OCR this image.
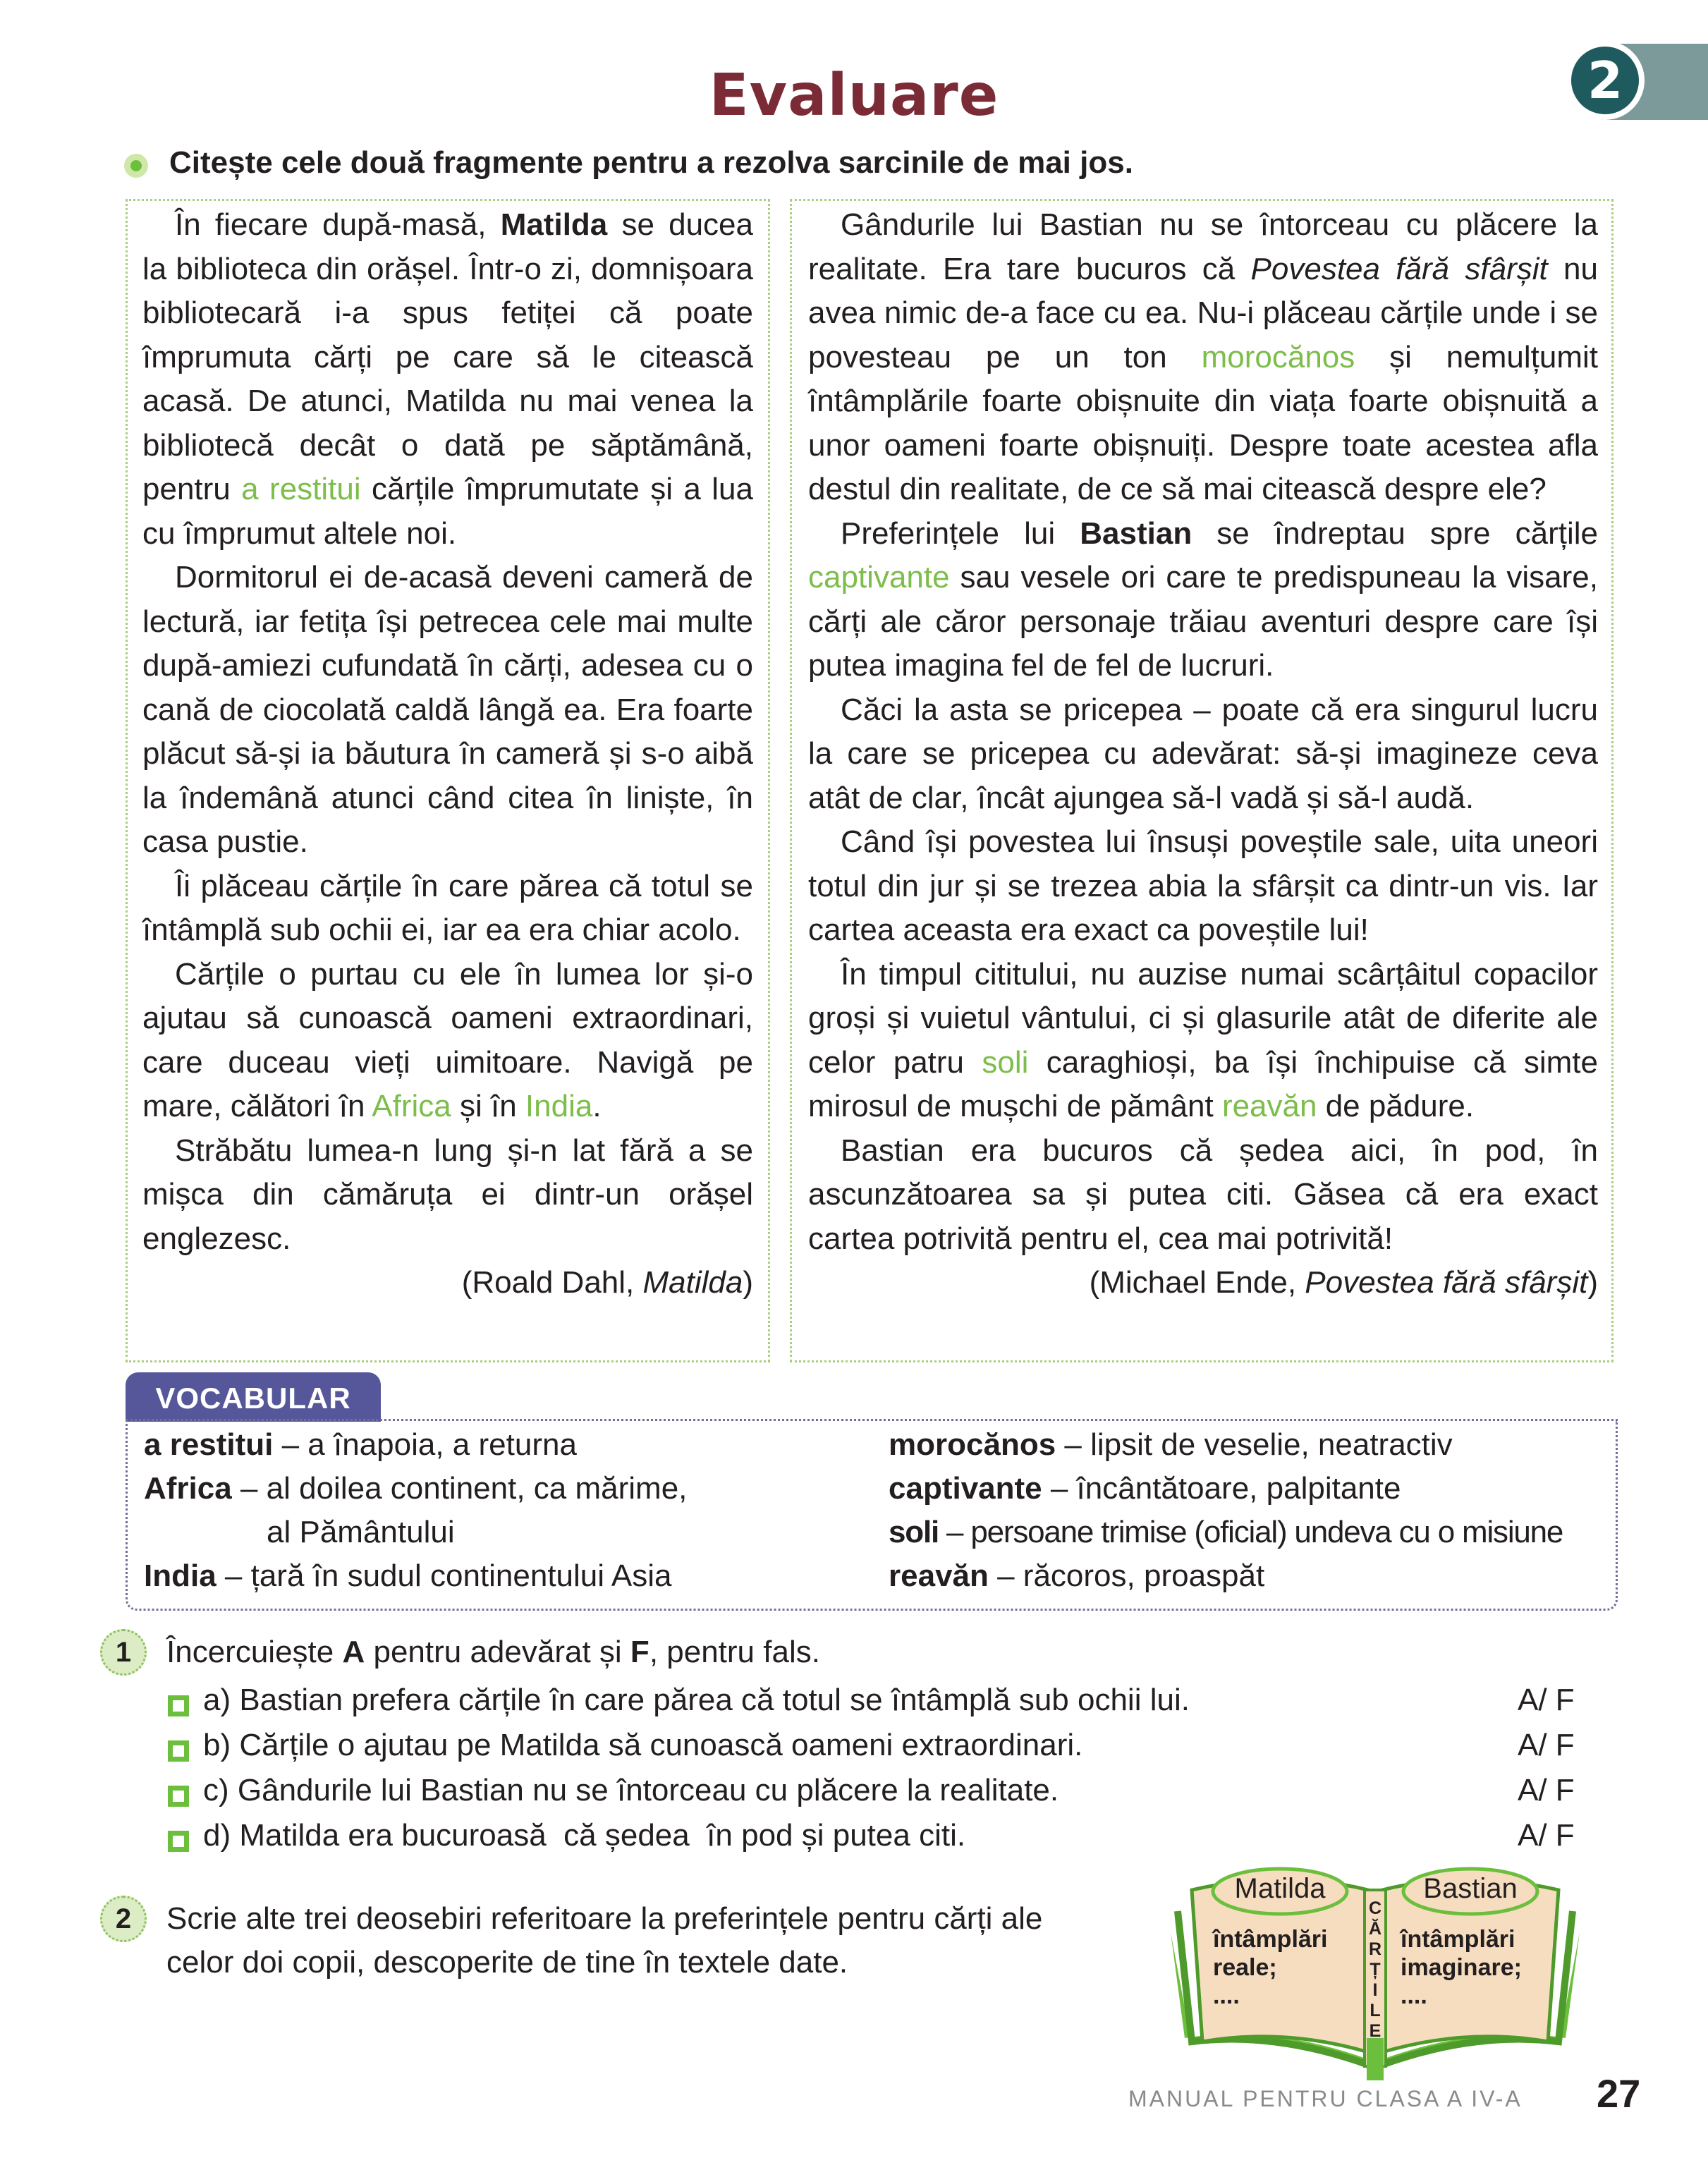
Evaluare	2
Citește cele două fragmente pentru a rezolva sarcinile de mai jos.

În fiecare după-masă, Matilda se ducea la biblioteca din orășel. Într-o zi, domnișoara bibliotecară i-a spus fetiței că poate împrumuta cărți pe care să le citească acasă. De atunci, Matilda nu mai venea la bibliotecă decât o dată pe săptămână, pentru a restitui cărțile împrumutate și a lua cu împrumut altele noi.

Dormitorul ei de-acasă deveni cameră de lectură, iar fetița își petrecea cele mai multe după-amiezi cufundată în cărți, adesea cu o cană de ciocolată caldă lângă ea. Era foarte plăcut să-și ia băutura în cameră și s-o aibă la îndemână atunci când citea în liniște, în casa pustie.

Îi plăceau cărțile în care părea că totul se întâmplă sub ochii ei, iar ea era chiar acolo.

Cărțile o purtau cu ele în lumea lor și-o ajutau să cunoască oameni extraordinari, care duceau vieți uimitoare. Navigă pe mare, călători în Africa și în India.

Străbătu lumea-n lung și-n lat fără a se mișca din cămăruța ei dintr-un orășel englezesc.

(Roald Dahl, Matilda)

Gândurile lui Bastian nu se întorceau cu plăcere la realitate. Era tare bucuros că Povestea fără sfârșit nu avea nimic de-a face cu ea. Nu-i plăceau cărțile unde i se povesteau pe un ton morocănos și nemulțumit întâmplările foarte obișnuite din viața foarte obișnuită a unor oameni foarte obișnuiți. Despre toate acestea afla destul din realitate, de ce să mai citească despre ele?

Preferințele lui Bastian se îndreptau spre cărțile captivante sau vesele ori care te predispuneau la visare, cărți ale căror personaje trăiau aventuri despre care își putea imagina fel de fel de lucruri.

Căci la asta se pricepea – poate că era singurul lucru la care se pricepea cu adevărat: să-și imagineze ceva atât de clar, încât ajungea să-l vadă și să-l audă.

Când își povestea lui însuși poveștile sale, uita uneori totul din jur și se trezea abia la sfârșit ca dintr-un vis. Iar cartea aceasta era exact ca poveștile lui!

În timpul cititului, nu auzise numai scârțâitul copacilor groși și vuietul vântului, ci și glasurile atât de diferite ale celor patru soli caraghioși, ba își închipuise că simte mirosul de mușchi de pământ reavăn de pădure.

Bastian era bucuros că ședea aici, în pod, în ascunzătoarea sa și putea citi. Găsea că era exact cartea potrivită pentru el, cea mai potrivită!

(Michael Ende, Povestea fără sfârșit)
VOCABULAR
a restitui – a înapoia, a returna
Africa – al doilea continent, ca mărime,
al Pământului
India – țară în sudul continentului Asia
morocănos – lipsit de veselie, neatractiv
captivante – încântătoare, palpitante
soli – persoane trimise (oficial) undeva cu o misiune
reavăn – răcoros, proaspăt
1	Încercuiește A pentru adevărat și F, pentru fals.
a) Bastian prefera cărțile în care părea că totul se întâmplă sub ochii lui.	A/ F
b) Cărțile o ajutau pe Matilda să cunoască oameni extraordinari.	A/ F
c) Gândurile lui Bastian nu se întorceau cu plăcere la realitate.	A/ F
d) Matilda era bucuroasă  că ședea  în pod și putea citi.	A/ F
2	Scrie alte trei deosebiri referitoare la preferințele pentru cărți ale
celor doi copii, descoperite de tine în textele date.
Matilda	Bastian
întâmplări
reale;
....
întâmplări
imaginare;
....
C
Ă
R
Ț
I
L
E
MANUAL PENTRU CLASA A IV-A 27
